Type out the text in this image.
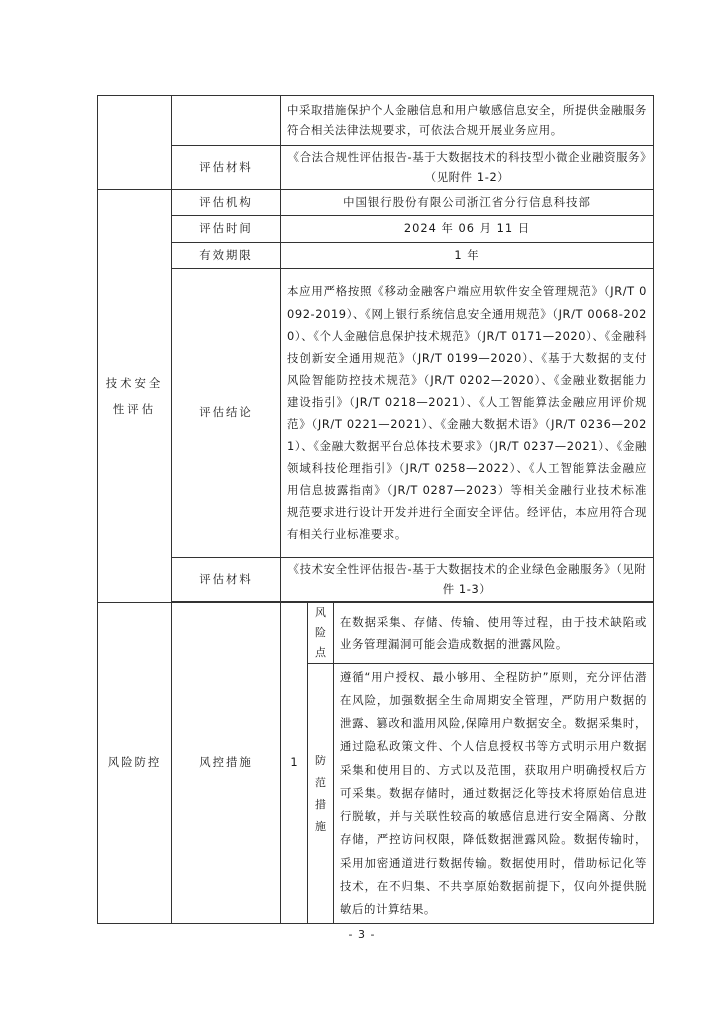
		中采取措施保护个人金融信息和用户敏感信息安全，所提供金融服务符合相关法律法规要求，可依法合规开展业务应用。		
	评估材料	《合法合规性评估报告-基于大数据技术的科技型小微企业融资服务》（见附件 1-2）		
技术安全性评估	评估机构	中国银行股份有限公司浙江省分行信息科技部		
	评估时间	2024 年 06 月 11 日		
	有效期限	1 年		
	评估结论	本应用严格按照《移动金融客户端应用软件安全管理规范》（JR/T 0092-2019）、《网上银行系统信息安全通用规范》（JR/T 0068-2020）、《个人金融信息保护技术规范》（JR/T 0171—2020）、《金融科技创新安全通用规范》（JR/T 0199—2020）、《基于大数据的支付风险智能防控技术规范》（JR/T 0202—2020）、《金融业数据能力建设指引》（JR/T 0218—2021）、《人工智能算法金融应用评价规范》（JR/T 0221—2021）、《金融大数据术语》（JR/T 0236—2021）、《金融大数据平台总体技术要求》（JR/T 0237—2021）、《金融领域科技伦理指引》（JR/T 0258—2022）、《人工智能算法金融应用信息披露指南》（JR/T 0287—2023）等相关金融行业技术标准规范要求进行设计开发并进行全面安全评估。经评估，本应用符合现有相关行业标准要求。		
	评估材料	《技术安全性评估报告-基于大数据技术的企业绿色金融服务》（见附件 1-3）		

风险防控	风控措施	1	风险点	在数据采集、存储、传输、使用等过程，由于技术缺陷或业务管理漏洞可能会造成数据的泄露风险。

			防范措施	遵循“用户授权、最小够用、全程防护”原则，充分评估潜在风险，加强数据全生命周期安全管理，严防用户数据的泄露、篡改和滥用风险,保障用户数据安全。数据采集时，通过隐私政策文件、个人信息授权书等方式明示用户数据采集和使用目的、方式以及范围，获取用户明确授权后方可采集。数据存储时，通过数据泛化等技术将原始信息进行脱敏，并与关联性较高的敏感信息进行安全隔离、分散存储，严控访问权限，降低数据泄露风险。数据传输时，采用加密通道进行数据传输。数据使用时，借助标记化等技术，在不归集、不共享原始数据前提下，仅向外提供脱敏后的计算结果。
- 3 -
